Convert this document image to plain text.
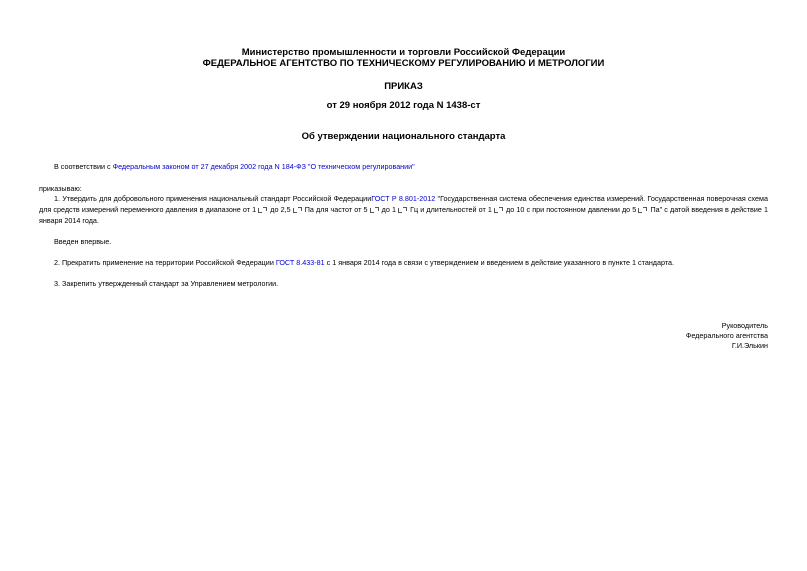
Министерство промышленности и торговли Российской Федерации
ФЕДЕРАЛЬНОЕ АГЕНТСТВО ПО ТЕХНИЧЕСКОМУ РЕГУЛИРОВАНИЮ И МЕТРОЛОГИИ
ПРИКАЗ
от 29 ноября 2012 года N 1438-ст
Об утверждении национального стандарта
В соответствии с Федеральным законом от 27 декабря 2002 года N 184-ФЗ "О техническом регулировании"
приказываю:
1. Утвердить для добровольного применения национальный стандарт Российской ФедерацииГОСТ Р 8.801-2012 "Государственная система обеспечения единства измерений. Государственная поверочная схема для средств измерений переменного давления в диапазоне от 1 до 2,5 Па для частот от 5 до 1 Гц и длительностей от 1 до 10 с при постоянном давлении до 5 Па" с датой введения в действие 1 января 2014 года.
Введен впервые.
2. Прекратить применение на территории Российской Федерации ГОСТ 8.433-81 с 1 января 2014 года в связи с утверждением и введением в действие указанного в пункте 1 стандарта.
3. Закрепить утвержденный стандарт за Управлением метрологии.
Руководитель
Федерального агентства
Г.И.Элькин
